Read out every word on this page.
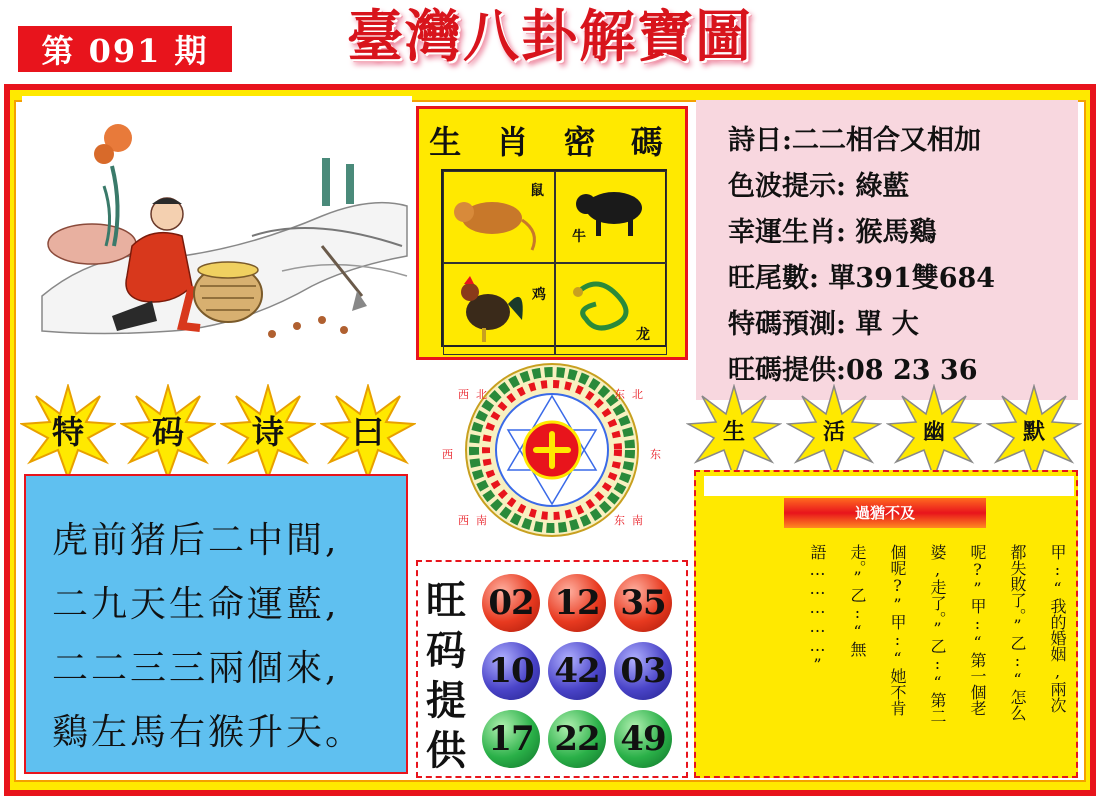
第 091 期	臺灣八卦解寶圖
生 肖 密 碼
鼠
牛
鸡
龙
詩日:二二相合又相加
色波提示: 綠藍
幸運生肖: 猴馬鷄
旺尾數: 單391雙684
特碼預測: 單 大
旺碼提供:08 23 36
特	码	诗	曰
虎前猪后二中間,
二九天生命運藍,
二二三三兩個來,
鷄左馬右猴升天。
西 北	东 北
西	东
西 南	东 南
旺
码
提
供
02 12 35
10 42 03
17 22 49
生	活	幽	默
過猶不及
甲:“我的婚姻,兩次
都失敗了。”乙:“怎么
呢?”甲:“第一個老
婆,走了。”乙:“第二
個呢?”甲:“她不肯
走。”乙:“無
語……………”
